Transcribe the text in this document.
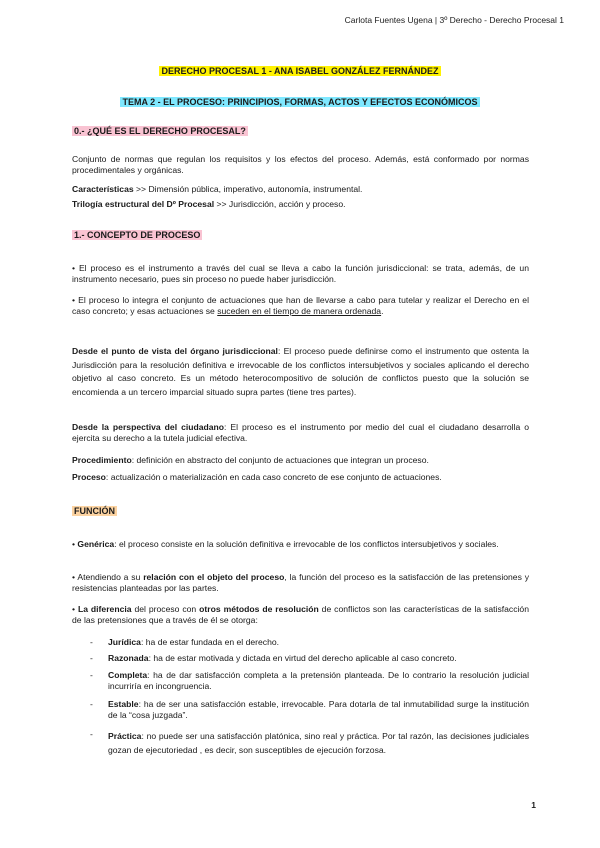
Carlota Fuentes Ugena | 3º Derecho - Derecho Procesal 1
DERECHO PROCESAL 1 - ANA ISABEL GONZÁLEZ FERNÁNDEZ
TEMA 2 - EL PROCESO: PRINCIPIOS, FORMAS, ACTOS Y EFECTOS ECONÓMICOS
0.- ¿QUÉ ES EL DERECHO PROCESAL?
Conjunto de normas que regulan los requisitos y los efectos del proceso. Además, está conformado por normas procedimentales y orgánicas.
Características >> Dimensión pública, imperativo, autonomía, instrumental.
Trilogía estructural del Dº Procesal >> Jurisdicción, acción y proceso.
1.- CONCEPTO DE PROCESO
• El proceso es el instrumento a través del cual se lleva a cabo la función jurisdiccional: se trata, además, de un instrumento necesario, pues sin proceso no puede haber jurisdicción.
• El proceso lo integra el conjunto de actuaciones que han de llevarse a cabo para tutelar y realizar el Derecho en el caso concreto; y esas actuaciones se suceden en el tiempo de manera ordenada.
Desde el punto de vista del órgano jurisdiccional: El proceso puede definirse como el instrumento que ostenta la Jurisdicción para la resolución definitiva e irrevocable de los conflictos intersubjetivos y sociales aplicando el derecho objetivo al caso concreto. Es un método heterocompositivo de solución de conflictos puesto que la solución se encomienda a un tercero imparcial situado supra partes (tiene tres partes).
Desde la perspectiva del ciudadano: El proceso es el instrumento por medio del cual el ciudadano desarrolla o ejercita su derecho a la tutela judicial efectiva.
Procedimiento: definición en abstracto del conjunto de actuaciones que integran un proceso.
Proceso: actualización o materialización en cada caso concreto de ese conjunto de actuaciones.
FUNCIÓN
• Genérica: el proceso consiste en la solución definitiva e irrevocable de los conflictos intersubjetivos y sociales.
• Atendiendo a su relación con el objeto del proceso, la función del proceso es la satisfacción de las pretensiones y resistencias planteadas por las partes.
• La diferencia del proceso con otros métodos de resolución de conflictos son las características de la satisfacción de las pretensiones que a través de él se otorga:
- Jurídica: ha de estar fundada en el derecho.
- Razonada: ha de estar motivada y dictada en virtud del derecho aplicable al caso concreto.
- Completa: ha de dar satisfacción completa a la pretensión planteada. De lo contrario la resolución judicial incurriría en incongruencia.
- Estable: ha de ser una satisfacción estable, irrevocable. Para dotarla de tal inmutabilidad surge la institución de la “cosa juzgada”.
- Práctica: no puede ser una satisfacción platónica, sino real y práctica. Por tal razón, las decisiones judiciales gozan de ejecutoriedad , es decir, son susceptibles de ejecución forzosa.
1
